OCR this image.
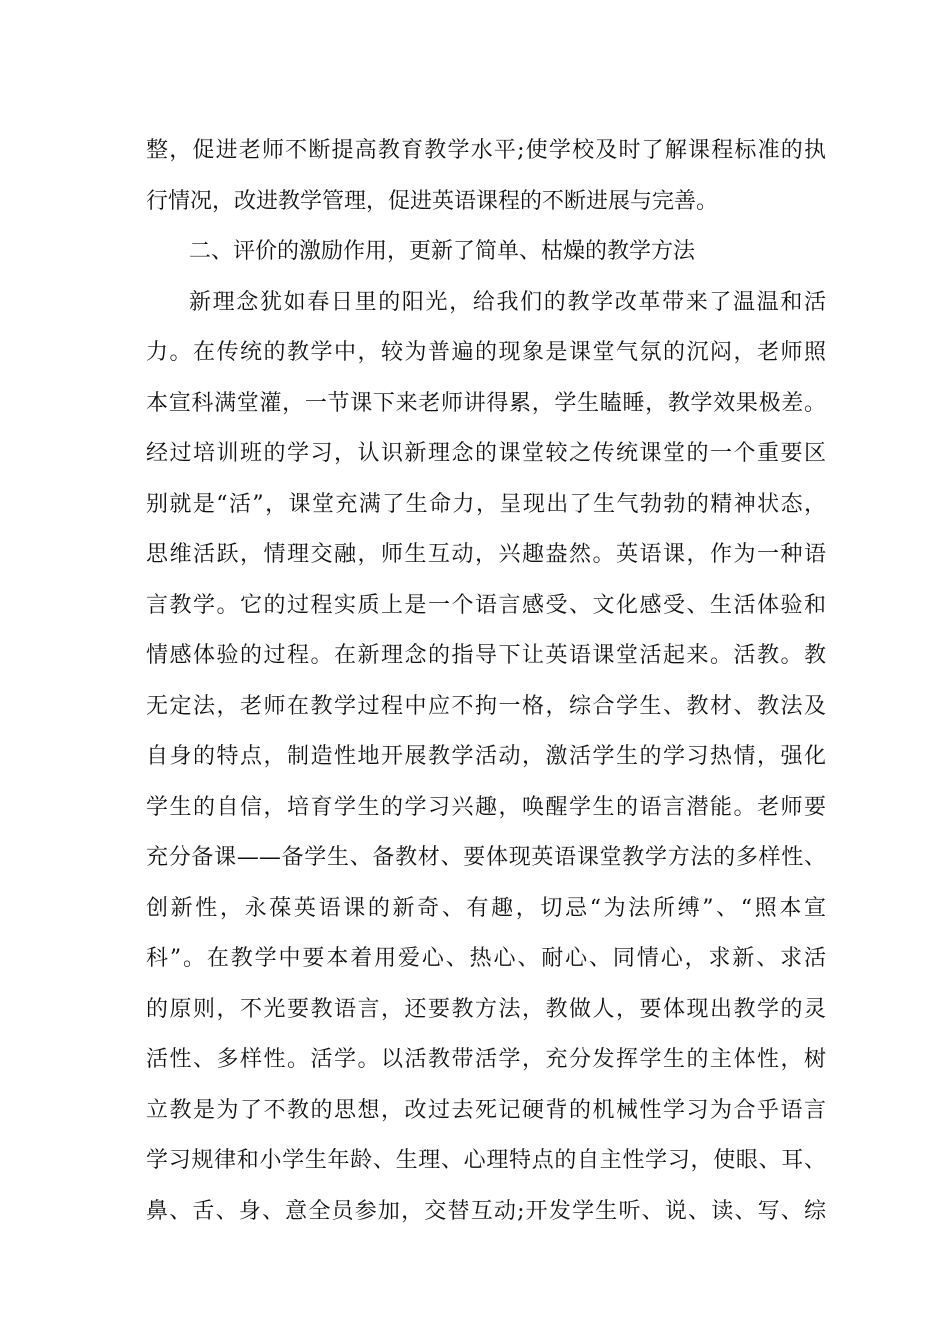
整，促进老师不断提高教育教学水平;使学校及时了解课程标准的执
行情况，改进教学管理，促进英语课程的不断进展与完善。
二、评价的激励作用，更新了简单、枯燥的教学方法
新理念犹如春日里的阳光，给我们的教学改革带来了温温和活
力。在传统的教学中，较为普遍的现象是课堂气氛的沉闷，老师照
本宣科满堂灌，一节课下来老师讲得累，学生瞌睡，教学效果极差。
经过培训班的学习，认识新理念的课堂较之传统课堂的一个重要区
别就是“活”，课堂充满了生命力，呈现出了生气勃勃的精神状态，
思维活跃，情理交融，师生互动，兴趣盎然。英语课，作为一种语
言教学。它的过程实质上是一个语言感受、文化感受、生活体验和
情感体验的过程。在新理念的指导下让英语课堂活起来。活教。教
无定法，老师在教学过程中应不拘一格，综合学生、教材、教法及
自身的特点，制造性地开展教学活动，激活学生的学习热情，强化
学生的自信，培育学生的学习兴趣，唤醒学生的语言潜能。老师要
充分备课——备学生、备教材、要体现英语课堂教学方法的多样性、
创新性，永葆英语课的新奇、有趣，切忌“为法所缚”、“照本宣
科”。在教学中要本着用爱心、热心、耐心、同情心，求新、求活
的原则，不光要教语言，还要教方法，教做人，要体现出教学的灵
活性、多样性。活学。以活教带活学，充分发挥学生的主体性，树
立教是为了不教的思想，改过去死记硬背的机械性学习为合乎语言
学习规律和小学生年龄、生理、心理特点的自主性学习，使眼、耳、
鼻、舌、身、意全员参加，交替互动;开发学生听、说、读、写、综
